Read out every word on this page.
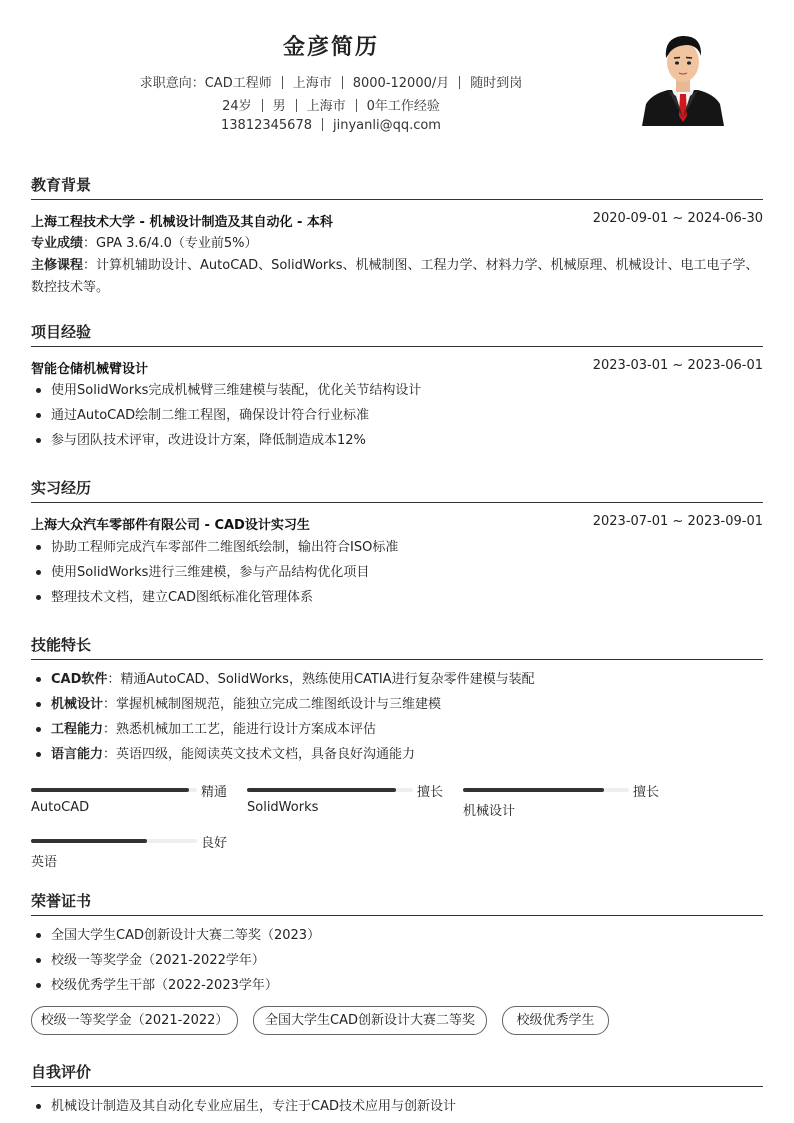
金彦简历
求职意向：CAD工程师 上海市 8000-12000/月 随时到岗
24岁 男 上海市 0年工作经验
13812345678 jinyanli@qq.com
教育背景
上海工程技术大学 - 机械设计制造及其自动化 - 本科	2020-09-01 ~ 2024-06-30
专业成绩：GPA 3.6/4.0（专业前5%）
主修课程：计算机辅助设计、AutoCAD、SolidWorks、机械制图、工程力学、材料力学、机械原理、机械设计、电工电子学、数控技术等。
项目经验
智能仓储机械臂设计	2023-03-01 ~ 2023-06-01
使用SolidWorks完成机械臂三维建模与装配，优化关节结构设计
通过AutoCAD绘制二维工程图，确保设计符合行业标准
参与团队技术评审，改进设计方案，降低制造成本12%
实习经历
上海大众汽车零部件有限公司 - CAD设计实习生	2023-07-01 ~ 2023-09-01
协助工程师完成汽车零部件二维图纸绘制，输出符合ISO标准
使用SolidWorks进行三维建模，参与产品结构优化项目
整理技术文档，建立CAD图纸标准化管理体系
技能特长
CAD软件：精通AutoCAD、SolidWorks，熟练使用CATIA进行复杂零件建模与装配
机械设计：掌握机械制图规范，能独立完成二维图纸设计与三维建模
工程能力：熟悉机械加工工艺，能进行设计方案成本评估
语言能力：英语四级，能阅读英文技术文档，具备良好沟通能力
精通
AutoCAD
擅长
SolidWorks
擅长
机械设计
良好
英语
荣誉证书
全国大学生CAD创新设计大赛二等奖（2023）
校级一等奖学金（2021-2022学年）
校级优秀学生干部（2022-2023学年）
校级一等奖学金（2021-2022）	全国大学生CAD创新设计大赛二等奖	校级优秀学生
自我评价
机械设计制造及其自动化专业应届生，专注于CAD技术应用与创新设计
